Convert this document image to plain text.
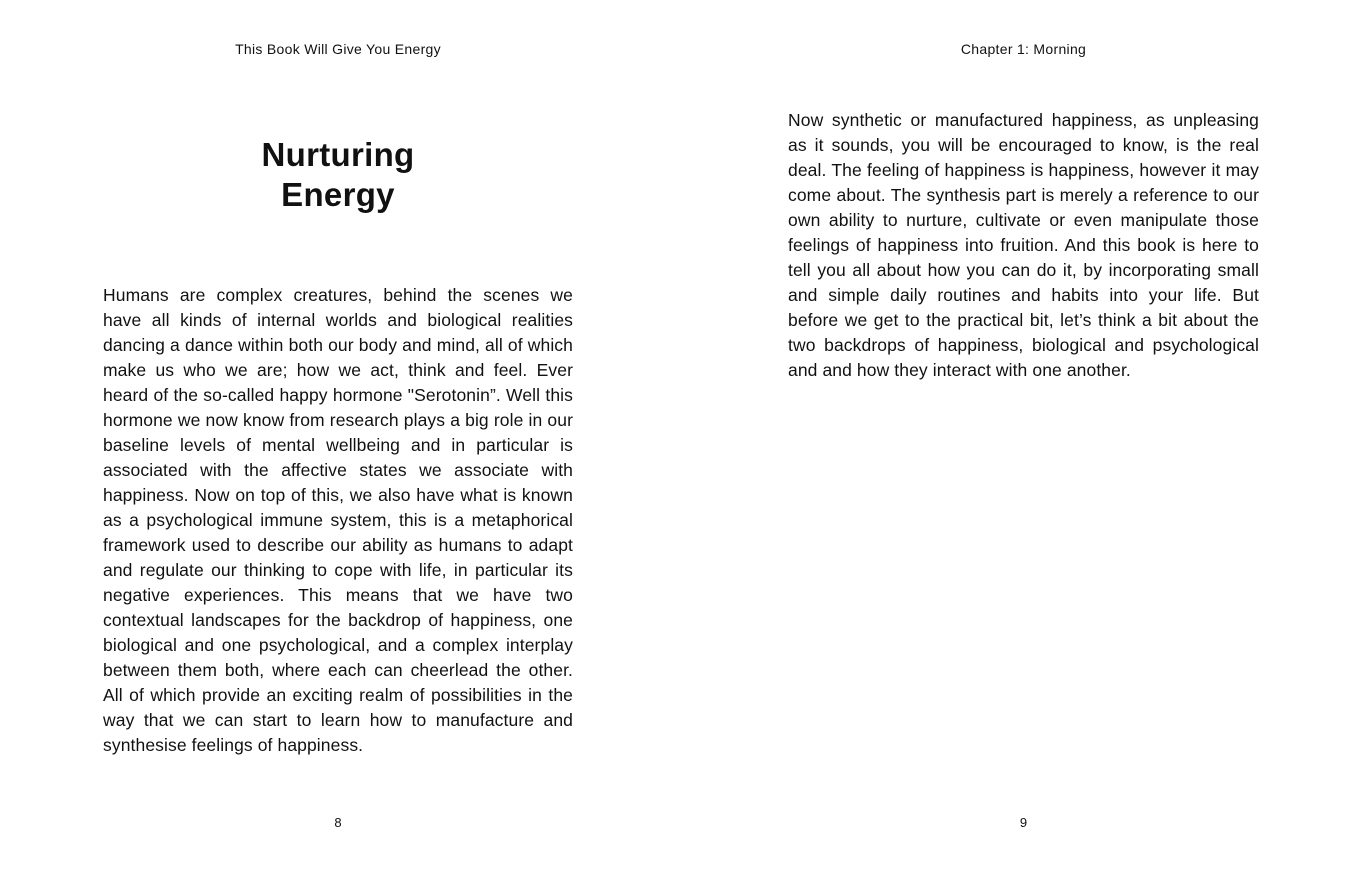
This Book Will Give You Energy
Nurturing
Energy

Humans are complex creatures, behind the scenes we have all kinds of internal worlds and biological realities dancing a dance within both our body and mind, all of which make us who we are; how we act, think and feel. Ever heard of the so-called happy hormone "Serotonin”. Well this hormone we now know from research plays a big role in our baseline levels of mental wellbeing and in particular is associated with the affective states we associate with happiness. Now on top of this, we also have what is known as a psychological immune system, this is a metaphorical framework used to describe our ability as humans to adapt and regulate our thinking to cope with life, in particular its negative experiences. This means that we have two contextual landscapes for the backdrop of happiness, one biological and one psychological, and a complex interplay between them both, where each can cheerlead the other. All of which provide an exciting realm of possibilities in the way that we can start to learn how to manufacture and synthesise feelings of happiness.

8
Chapter 1: Morning

Now synthetic or manufactured happiness, as unpleasing as it sounds, you will be encouraged to know, is the real deal. The feeling of happiness is happiness, however it may come about. The synthesis part is merely a reference to our own ability to nurture, cultivate or even manipulate those feelings of happiness into fruition. And this book is here to tell you all about how you can do it, by incorporating small and simple daily routines and habits into your life. But before we get to the practical bit, let’s think a bit about the two backdrops of happiness, biological and psychological and and how they interact with one another.

9
